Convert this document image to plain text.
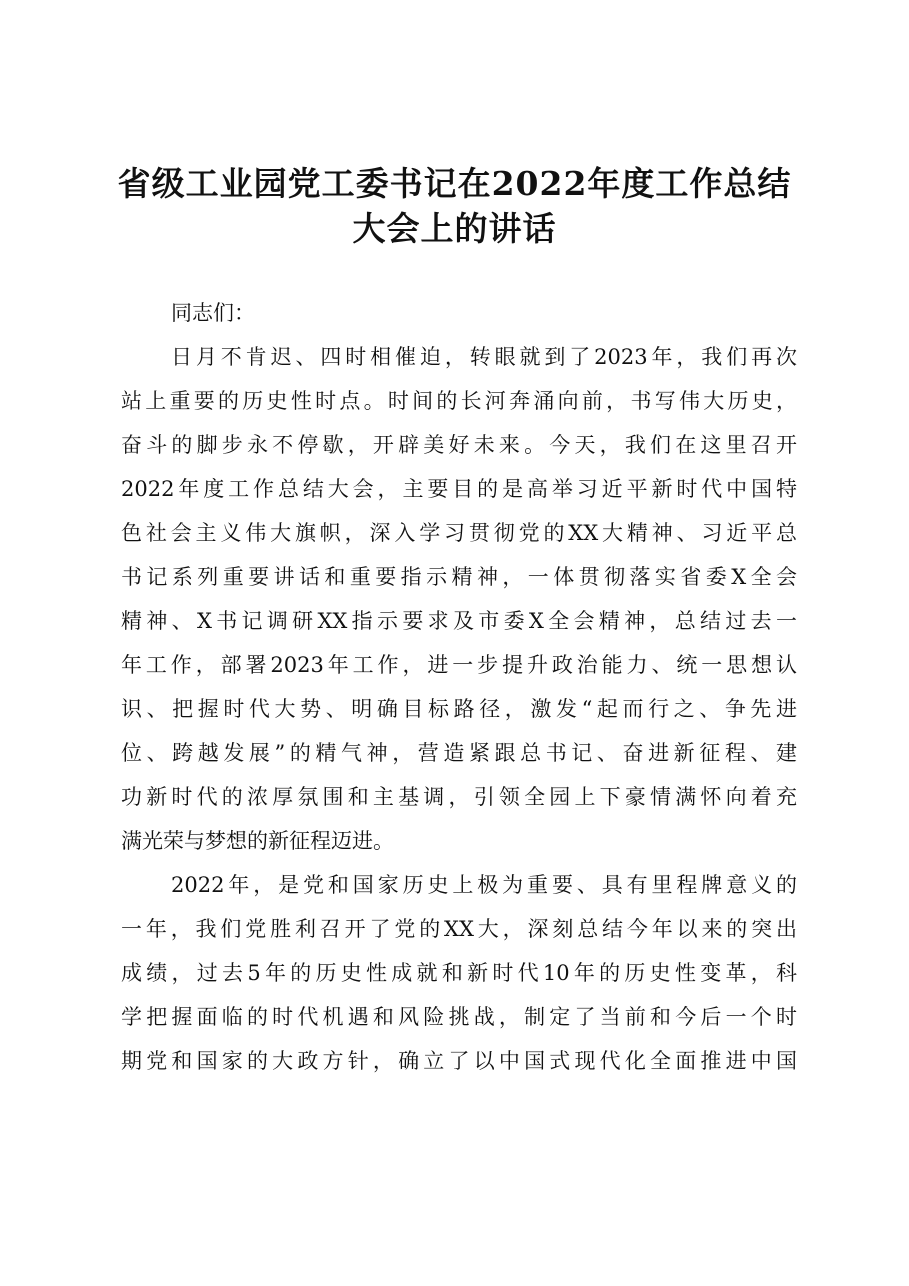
省级工业园党工委书记在2022年度工作总结
大会上的讲话
同志们：
日月不肯迟、四时相催迫，转眼就到了2023年，我们再次
站上重要的历史性时点。时间的长河奔涌向前，书写伟大历史，
奋斗的脚步永不停歇，开辟美好未来。今天，我们在这里召开
2022年度工作总结大会，主要目的是高举习近平新时代中国特
色社会主义伟大旗帜，深入学习贯彻党的XX大精神、习近平总
书记系列重要讲话和重要指示精神，一体贯彻落实省委X全会
精神、X书记调研XX指示要求及市委X全会精神，总结过去一
年工作，部署2023年工作，进一步提升政治能力、统一思想认
识、把握时代大势、明确目标路径，激发“起而行之、争先进
位、跨越发展”的精气神，营造紧跟总书记、奋进新征程、建
功新时代的浓厚氛围和主基调，引领全园上下豪情满怀向着充
满光荣与梦想的新征程迈进。
2022年，是党和国家历史上极为重要、具有里程牌意义的
一年，我们党胜利召开了党的XX大，深刻总结今年以来的突出
成绩，过去5年的历史性成就和新时代10年的历史性变革，科
学把握面临的时代机遇和风险挑战，制定了当前和今后一个时
期党和国家的大政方针，确立了以中国式现代化全面推进中国
